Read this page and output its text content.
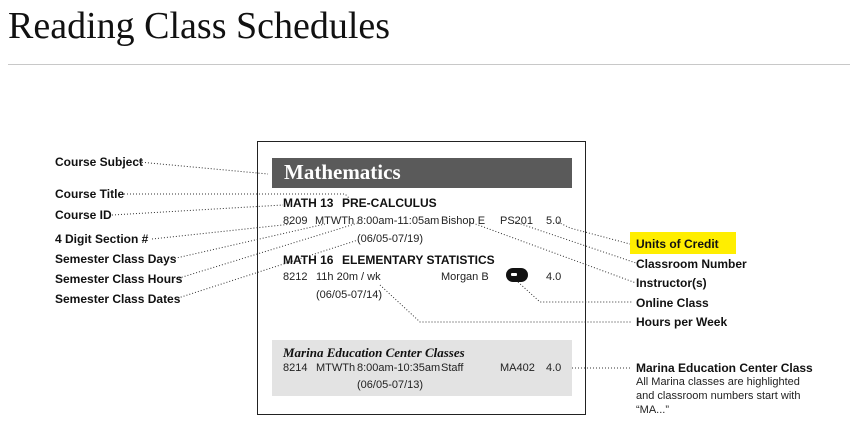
Reading Class Schedules
Course Subject
Course Title
Course ID
4 Digit Section #
Semester Class Days
Semester Class Hours
Semester Class Dates
Mathematics
MATH 13 PRE-CALCULUS
8209 MTWTh 8:00am-11:05am Bishop E PS201 5.0
(06/05-07/19)
MATH 16 ELEMENTARY STATISTICS
8212 11h 20m / wk	Morgan B	4.0
(06/05-07/14)
Marina Education Center Classes
8214 MTWTh 8:00am-10:35am Staff	MA402 4.0
(06/05-07/13)
Units of Credit
Classroom Number
Instructor(s)
Online Class
Hours per Week
Marina Education Center Class
All Marina classes are highlighted
and classroom numbers start with
“MA...”
